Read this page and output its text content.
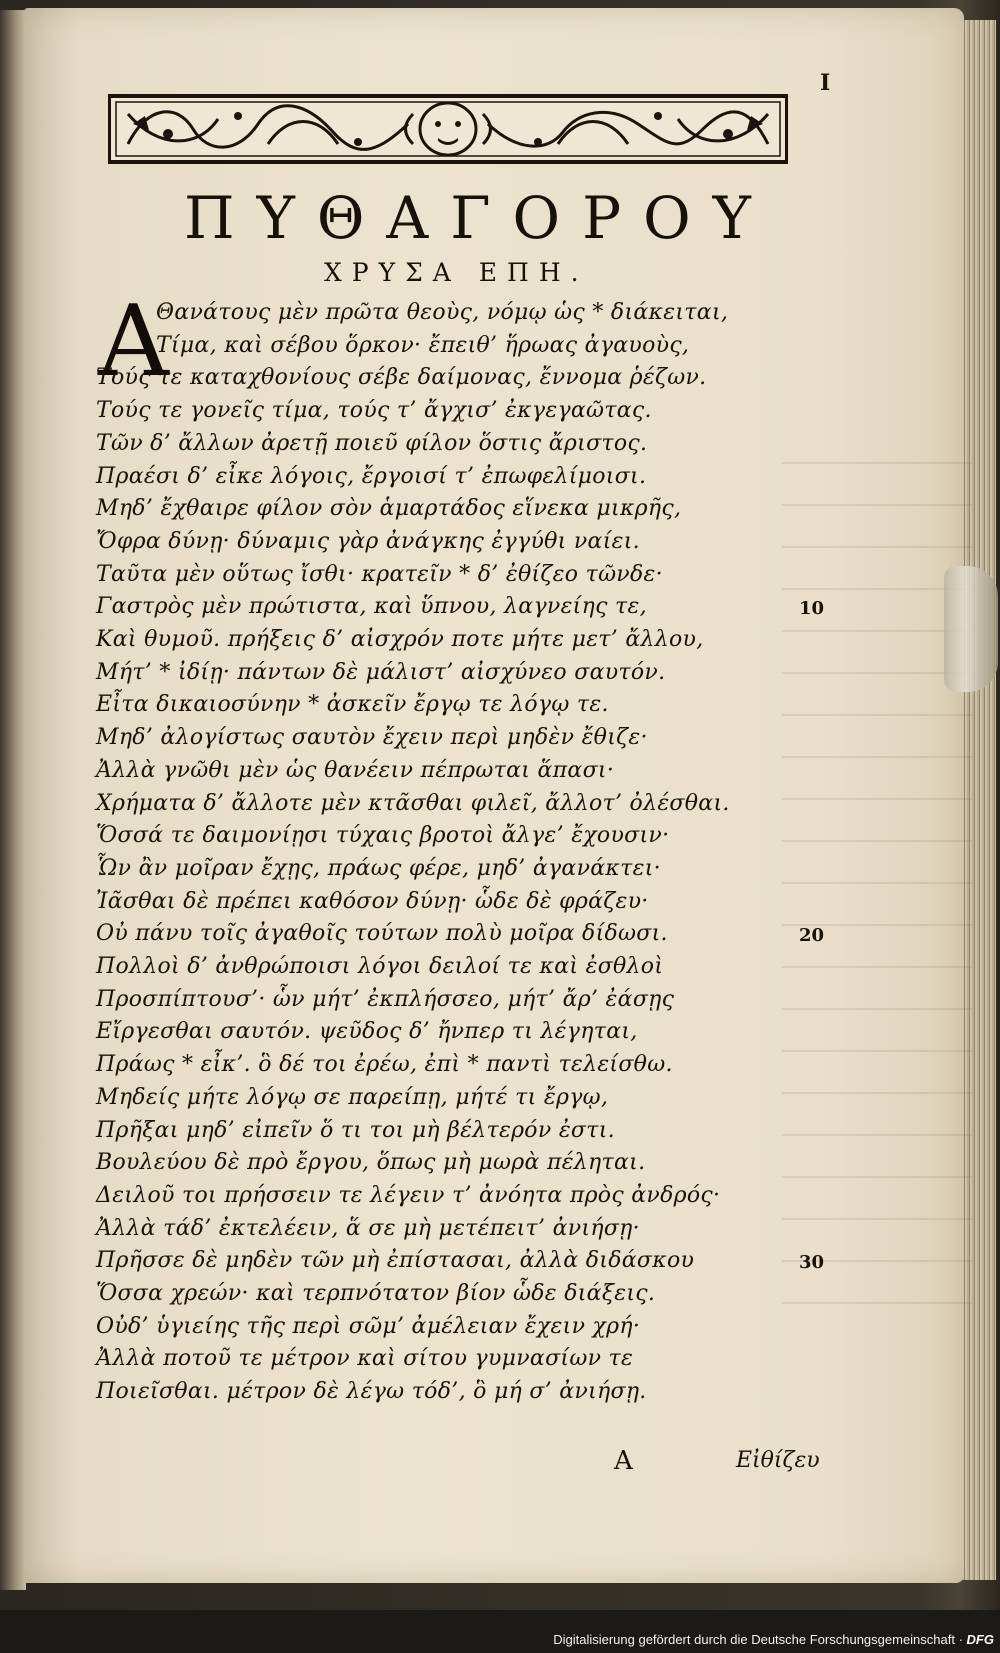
I
ΠΥΘΑΓΟΡΟΥ
ΧΡΥΣΑ ΕΠΗ.
Α
Θανάτους μὲν πρῶτα θεοὺς, νόμῳ ὡς * διάκειται,
Τίμα, καὶ σέβου ὅρκον· ἔπειθ’ ἥρωας ἀγαυοὺς,
Τούς τε καταχθονίους σέβε δαίμονας, ἔννομα ῥέζων.
Τούς τε γονεῖς τίμα, τούς τ’ ἄγχισ’ ἐκγεγαῶτας.
Τῶν δ’ ἄλλων ἀρετῇ ποιεῦ φίλον ὅστις ἄριστος.
Πραέσι δ’ εἶκε λόγοις, ἔργοισί τ’ ἐπωφελίμοισι.
Μηδ’ ἔχθαιρε φίλον σὸν ἁμαρτάδος εἵνεκα μικρῆς,
Ὄφρα δύνῃ· δύναμις γὰρ ἀνάγκης ἐγγύθι ναίει.
Ταῦτα μὲν οὕτως ἴσθι· κρατεῖν * δ’ ἐθίζεο τῶνδε·
Γαστρὸς μὲν πρώτιστα, καὶ ὕπνου, λαγνείης τε,
Καὶ θυμοῦ. πρήξεις δ’ αἰσχρόν ποτε μήτε μετ’ ἄλλου,
Μήτ’ * ἰδίῃ· πάντων δὲ μάλιστ’ αἰσχύνεο σαυτόν.
Εἶτα δικαιοσύνην * ἀσκεῖν ἔργῳ τε λόγῳ τε.
Μηδ’ ἀλογίστως σαυτὸν ἔχειν περὶ μηδὲν ἔθιζε·
Ἀλλὰ γνῶθι μὲν ὡς θανέειν πέπρωται ἅπασι·
Χρήματα δ’ ἄλλοτε μὲν κτᾶσθαι φιλεῖ, ἄλλοτ’ ὀλέσθαι.
Ὅσσά τε δαιμονίῃσι τύχαις βροτοὶ ἄλγε’ ἔχουσιν·
Ὧν ἂν μοῖραν ἔχῃς, πράως φέρε, μηδ’ ἀγανάκτει·
Ἰᾶσθαι δὲ πρέπει καθόσον δύνῃ· ὧδε δὲ φράζευ·
Οὐ πάνυ τοῖς ἀγαθοῖς τούτων πολὺ μοῖρα δίδωσι.
Πολλοὶ δ’ ἀνθρώποισι λόγοι δειλοί τε καὶ ἐσθλοὶ
Προσπίπτουσ’· ὧν μήτ’ ἐκπλήσσεο, μήτ’ ἄρ’ ἐάσῃς
Εἴργεσθαι σαυτόν. ψεῦδος δ’ ἤνπερ τι λέγηται,
Πράως * εἶκ’. ὃ δέ τοι ἐρέω, ἐπὶ * παντὶ τελείσθω.
Μηδείς μήτε λόγῳ σε παρείπῃ, μήτέ τι ἔργῳ,
Πρῆξαι μηδ’ εἰπεῖν ὅ τι τοι μὴ βέλτερόν ἐστι.
Βουλεύου δὲ πρὸ ἔργου, ὅπως μὴ μωρὰ πέληται.
Δειλοῦ τοι πρήσσειν τε λέγειν τ’ ἀνόητα πρὸς ἀνδρός·
Ἀλλὰ τάδ’ ἐκτελέειν, ἅ σε μὴ μετέπειτ’ ἀνιήσῃ·
Πρῆσσε δὲ μηδὲν τῶν μὴ ἐπίστασαι, ἀλλὰ διδάσκου
Ὅσσα χρεών· καὶ τερπνότατον βίον ὧδε διάξεις.
Οὐδ’ ὑγιείης τῆς περὶ σῶμ’ ἀμέλειαν ἔχειν χρή·
Ἀλλὰ ποτοῦ τε μέτρον καὶ σίτου γυμνασίων τε
Ποιεῖσθαι. μέτρον δὲ λέγω τόδ’, ὃ μή σ’ ἀνιήσῃ.
10
20
30
A	Εἰθίζευ
Digitalisierung gefördert durch die Deutsche Forschungsgemeinschaft · DFG
